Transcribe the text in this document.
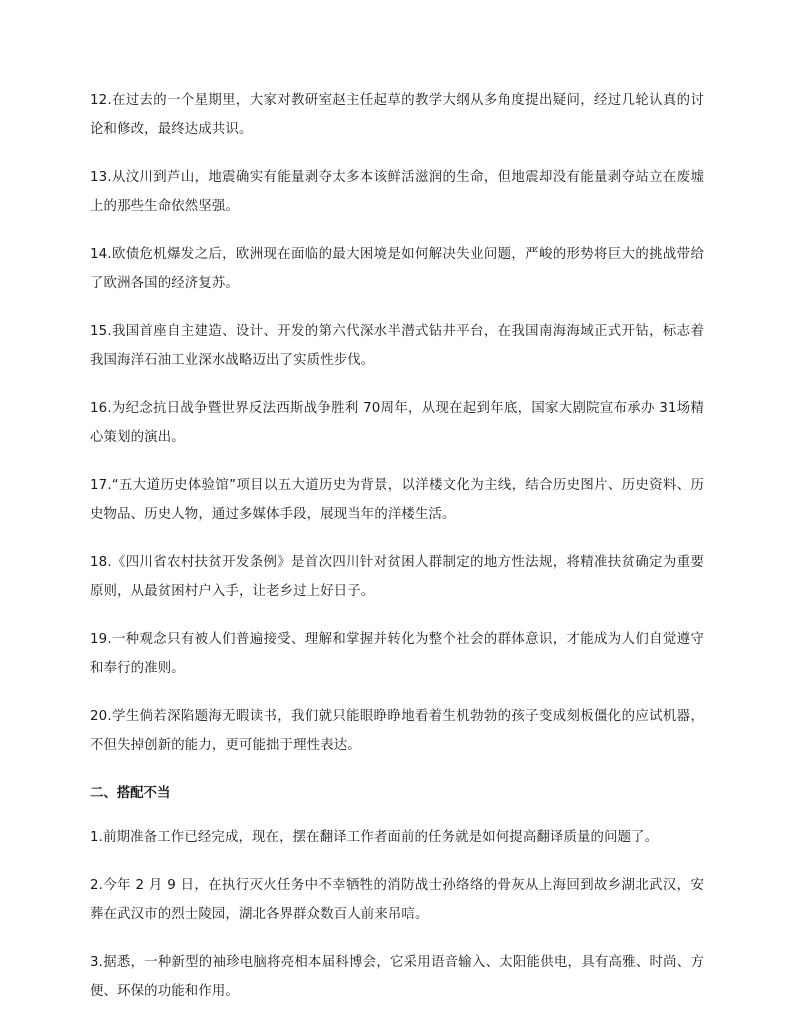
12.在过去的一个星期里，大家对教研室赵主任起草的教学大纲从多角度提出疑问，经过几轮认真的讨论和修改，最终达成共识。

13.从汶川到芦山，地震确实有能量剥夺太多本该鲜活滋润的生命，但地震却没有能量剥夺站立在废墟上的那些生命依然坚强。

14.欧债危机爆发之后，欧洲现在面临的最大困境是如何解决失业问题，严峻的形势将巨大的挑战带给了欧洲各国的经济复苏。

15.我国首座自主建造、设计、开发的第六代深水半潜式钻井平台，在我国南海海域正式开钻，标志着我国海洋石油工业深水战略迈出了实质性步伐。

16.为纪念抗日战争暨世界反法西斯战争胜利 70周年，从现在起到年底，国家大剧院宣布承办 31场精心策划的演出。

17.“五大道历史体验馆”项目以五大道历史为背景，以洋楼文化为主线，结合历史图片、历史资料、历史物品、历史人物，通过多媒体手段，展现当年的洋楼生活。

18.《四川省农村扶贫开发条例》是首次四川针对贫困人群制定的地方性法规，将精准扶贫确定为重要原则，从最贫困村户入手，让老乡过上好日子。

19.一种观念只有被人们普遍接受、理解和掌握并转化为整个社会的群体意识，才能成为人们自觉遵守和奉行的准则。

20.学生倘若深陷题海无暇读书，我们就只能眼睁睁地看着生机勃勃的孩子变成刻板僵化的应试机器，不但失掉创新的能力，更可能拙于理性表达。

二、搭配不当

1.前期准备工作已经完成，现在，摆在翻译工作者面前的任务就是如何提高翻译质量的问题了。

2.今年 2 月 9 日，在执行灭火任务中不幸牺牲的消防战士孙络络的骨灰从上海回到故乡湖北武汉，安葬在武汉市的烈士陵园，湖北各界群众数百人前来吊唁。

3.据悉，一种新型的袖珍电脑将亮相本届科博会，它采用语音输入、太阳能供电，具有高雅、时尚、方便、环保的功能和作用。
